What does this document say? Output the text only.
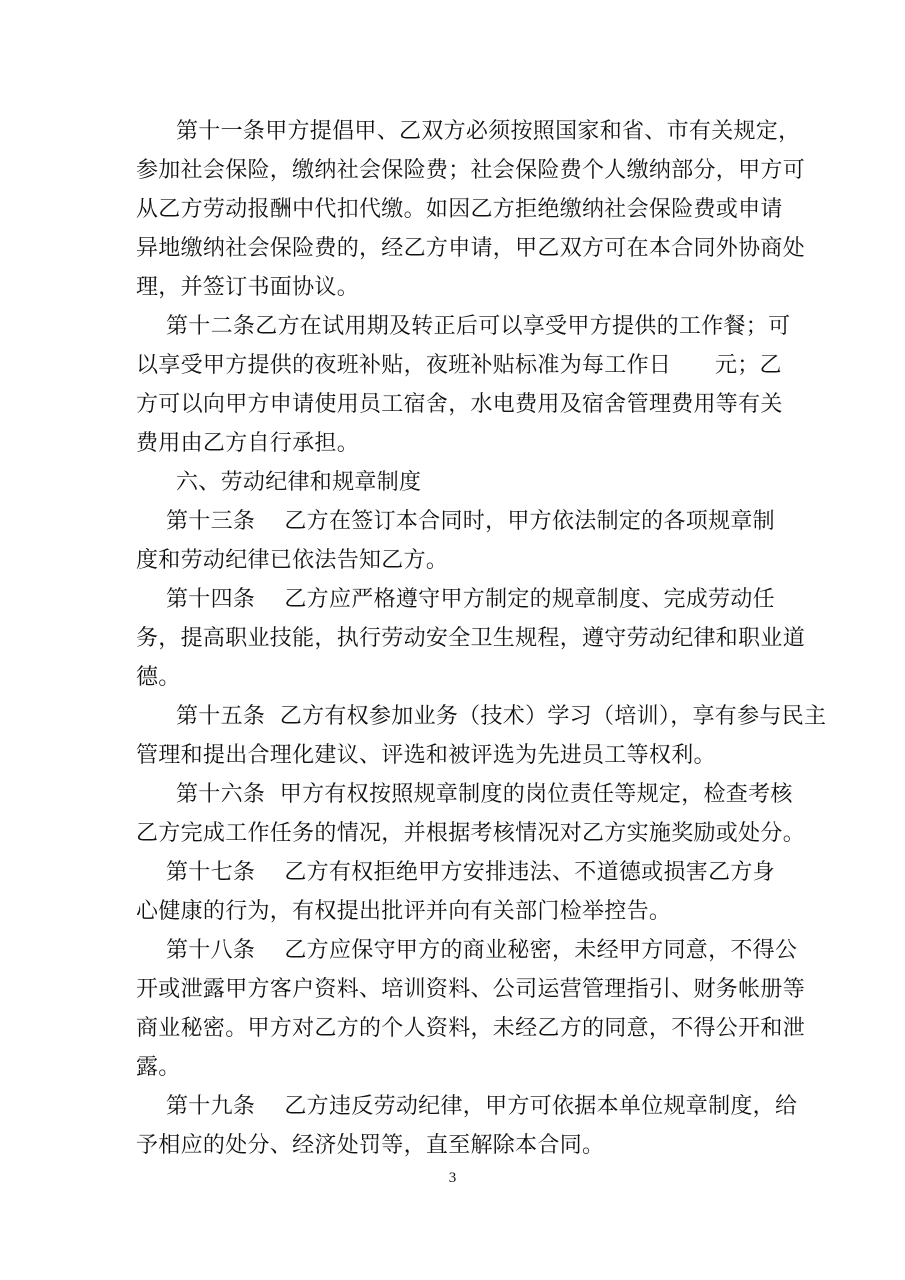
第十一条甲方提倡甲、乙双方必须按照国家和省、市有关规定，
参加社会保险，缴纳社会保险费；社会保险费个人缴纳部分，甲方可
从乙方劳动报酬中代扣代缴。如因乙方拒绝缴纳社会保险费或申请
异地缴纳社会保险费的，经乙方申请，甲乙双方可在本合同外协商处
理，并签订书面协议。
第十二条乙方在试用期及转正后可以享受甲方提供的工作餐；可
以享受甲方提供的夜班补贴，夜班补贴标准为每工作日      元；乙
方可以向甲方申请使用员工宿舍，水电费用及宿舍管理费用等有关
费用由乙方自行承担。
六、劳动纪律和规章制度
第十三条    乙方在签订本合同时，甲方依法制定的各项规章制
度和劳动纪律已依法告知乙方。
第十四条    乙方应严格遵守甲方制定的规章制度、完成劳动任
务，提高职业技能，执行劳动安全卫生规程，遵守劳动纪律和职业道
德。
第十五条  乙方有权参加业务（技术）学习（培训），享有参与民主
管理和提出合理化建议、评选和被评选为先进员工等权利。
第十六条  甲方有权按照规章制度的岗位责任等规定，检查考核
乙方完成工作任务的情况，并根据考核情况对乙方实施奖励或处分。
第十七条    乙方有权拒绝甲方安排违法、不道德或损害乙方身
心健康的行为，有权提出批评并向有关部门检举控告。
第十八条    乙方应保守甲方的商业秘密，未经甲方同意，不得公
开或泄露甲方客户资料、培训资料、公司运营管理指引、财务帐册等
商业秘密。甲方对乙方的个人资料，未经乙方的同意，不得公开和泄
露。
第十九条    乙方违反劳动纪律，甲方可依据本单位规章制度，给
予相应的处分、经济处罚等，直至解除本合同。
3
